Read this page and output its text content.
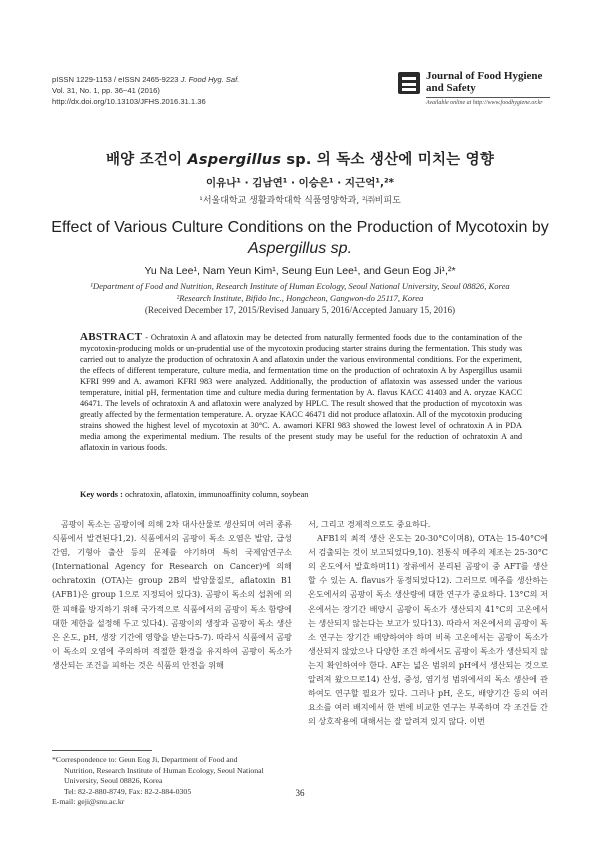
pISSN 1229-1153 / eISSN 2465-9223 J. Food Hyg. Saf.
Vol. 31, No. 1, pp. 36~41 (2016)
http://dx.doi.org/10.13103/JFHS.2016.31.1.36
Journal of Food Hygiene
and Safety
Available online at http://www.foodhygiene.or.kr
배양 조건이 Aspergillus sp. 의 독소 생산에 미치는 영향
이유나¹ · 김남연¹ · 이승은¹ · 지근억¹,²*
¹서울대학교 생활과학대학 식품영양학과, ²㈜비피도
Effect of Various Culture Conditions on the Production of Mycotoxin by
Aspergillus sp.
Yu Na Lee¹, Nam Yeun Kim¹, Seung Eun Lee¹, and Geun Eog Ji¹,²*
¹Department of Food and Nutrition, Research Institute of Human Ecology, Seoul National University, Seoul 08826, Korea
²Research Institute, Bifido Inc., Hongcheon, Gangwon-do 25117, Korea
(Received December 17, 2015/Revised January 5, 2016/Accepted January 15, 2016)
ABSTRACT - Ochratoxin A and aflatoxin may be detected from naturally fermented foods due to the contamination of the mycotoxin-producing molds or un-prudential use of the mycotoxin producing starter strains during the fermentation. This study was carried out to analyze the production of ochratoxin A and aflatoxin under the various environmental conditions. For the experiment, the effects of different temperature, culture media, and fermentation time on the production of ochratoxin A by Aspergillus usamii KFRI 999 and A. awamori KFRI 983 were analyzed. Additionally, the production of aflatoxin was assessed under the various temperature, initial pH, fermentation time and culture media during fermentation by A. flavus KACC 41403 and A. oryzae KACC 46471. The levels of ochratoxin A and aflatoxin were analyzed by HPLC. The result showed that the production of mycotoxin was greatly affected by the fermentation temperature. A. oryzae KACC 46471 did not produce aflatoxin. All of the mycotoxin producing strains showed the highest level of mycotoxin at 30°C. A. awamori KFRI 983 showed the lowest level of ochratoxin A in PDA media among the experimental medium. The results of the present study may be useful for the reduction of ochratoxin A and aflatoxin in various foods.
Key words : ochratoxin, aflatoxin, immunoaffinity column, soybean
곰팡이 독소는 곰팡이에 의해 2차 대사산물로 생산되며 여러 종류 식품에서 발견된다1,2). 식품에서의 곰팡이 독소 오염은 발암, 급성 간염, 기형아 출산 등의 문제를 야기하며 특히 국제암연구소(International Agency for Research on Cancer)에 의해 ochratoxin (OTA)는 group 2B의 발암물질로, aflatoxin B1 (AFB1)은 group 1으로 지정되어 있다3). 곰팡이 독소의 섭취에 의한 피해를 방지하기 위해 국가적으로 식품에서의 곰팡이 독소 함량에 대한 제한을 설정해 두고 있다4). 곰팡이의 생장과 곰팡이 독소 생산은 온도, pH, 생장 기간에 영향을 받는다5-7). 따라서 식품에서 곰팡이 독소의 오염에 주의하며 적절한 환경을 유지하여 곰팡이 독소가 생산되는 조건을 피하는 것은 식품의 안전을 위해
서, 그리고 경제적으로도 중요하다.
AFB1의 최적 생산 온도는 20-30°C이며8), OTA는 15-40°C에서 검출되는 것이 보고되었다9,10). 전통식 메주의 제조는 25-30°C의 온도에서 발효하며11) 장류에서 분리된 곰팡이 중 AFT를 생산 할 수 있는 A. flavus가 동정되었다12). 그러므로 메주를 생산하는 온도에서의 곰팡이 독소 생산량에 대한 연구가 중요하다. 13°C의 저온에서는 장기간 배양시 곰팡이 독소가 생산되지 41°C의 고온에서는 생산되지 않는다는 보고가 있다13). 따라서 저온에서의 곰팡이 독소 연구는 장기간 배양하여야 하며 비록 고온에서는 곰팡이 독소가 생산되지 않았으나 다양한 조건 하에서도 곰팡이 독소가 생산되지 않는지 확인하여야 한다. AF는 넓은 범위의 pH에서 생산되는 것으로 알려져 왔으므로14) 산성, 중성, 염기성 범위에서의 독소 생산에 관하여도 연구할 필요가 있다. 그러나 pH, 온도, 배양기간 등의 여러 요소를 여러 배지에서 한 번에 비교한 연구는 부족하며 각 조건들 간의 상호작용에 대해서는 잘 알려져 있지 않다. 이번
*Correspondence to: Geun Eog Ji, Department of Food and
Nutrition, Research Institute of Human Ecology, Seoul National
University, Seoul 08826, Korea
Tel: 82-2-880-8749, Fax: 82-2-884-0305
E-mail: geji@snu.ac.kr
36
